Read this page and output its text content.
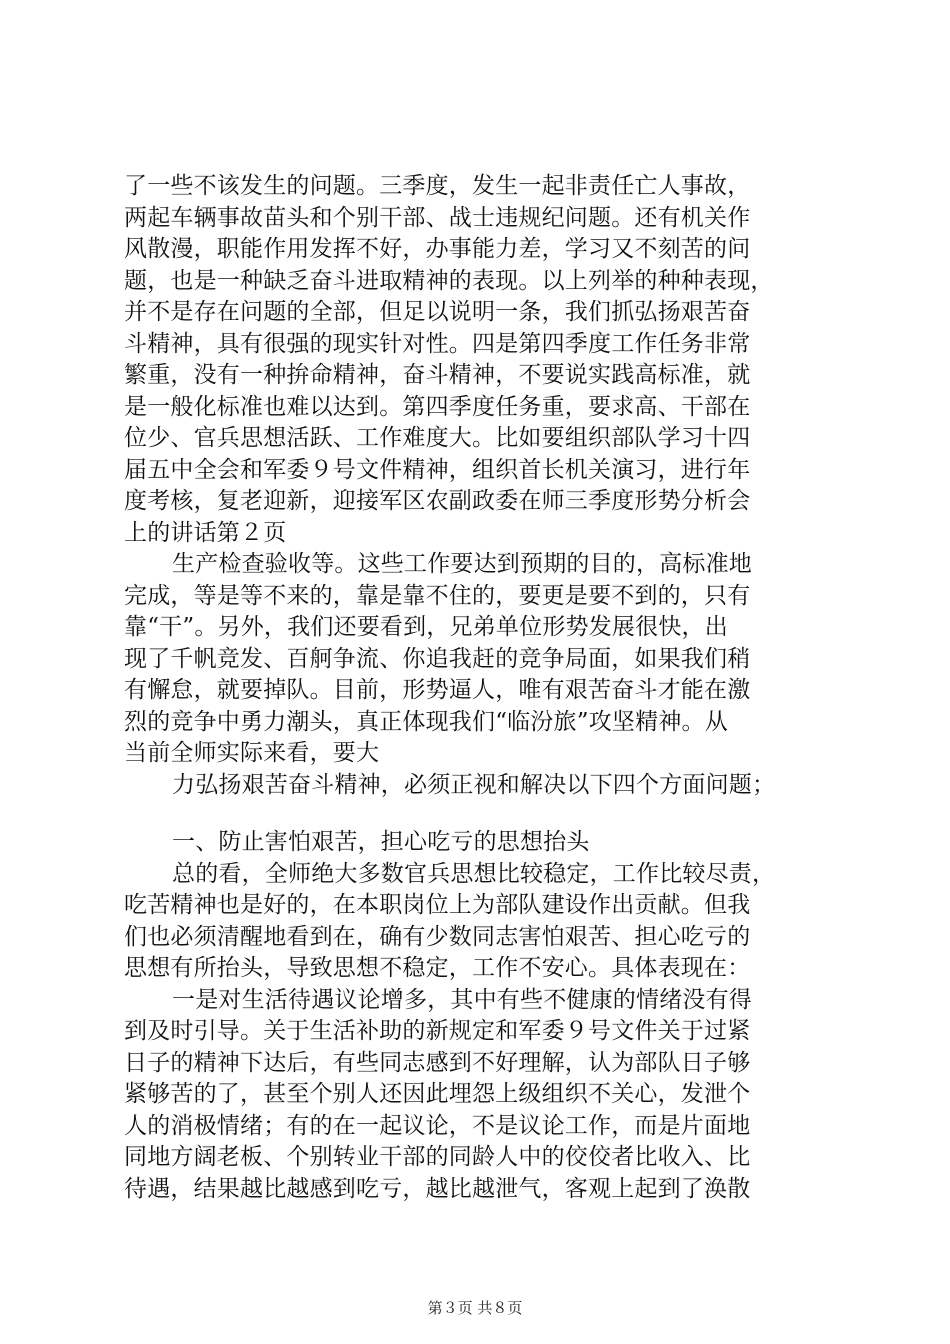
了一些不该发生的问题。三季度，发生一起非责任亡人事故，
两起车辆事故苗头和个别干部、战士违规纪问题。还有机关作
风散漫，职能作用发挥不好，办事能力差，学习又不刻苦的问
题，也是一种缺乏奋斗进取精神的表现。以上列举的种种表现，
并不是存在问题的全部，但足以说明一条，我们抓弘扬艰苦奋
斗精神，具有很强的现实针对性。四是第四季度工作任务非常
繁重，没有一种拚命精神，奋斗精神，不要说实践高标准，就
是一般化标准也难以达到。第四季度任务重，要求高、干部在
位少、官兵思想活跃、工作难度大。比如要组织部队学习十四
届五中全会和军委９号文件精神，组织首长机关演习，进行年
度考核，复老迎新，迎接军区农副政委在师三季度形势分析会
上的讲话第２页
生产检查验收等。这些工作要达到预期的目的，高标准地
完成，等是等不来的，靠是靠不住的，要更是要不到的，只有
靠“干”。另外，我们还要看到，兄弟单位形势发展很快，出
现了千帆竞发、百舸争流、你追我赶的竞争局面，如果我们稍
有懈怠，就要掉队。目前，形势逼人，唯有艰苦奋斗才能在激
烈的竞争中勇力潮头，真正体现我们“临汾旅”攻坚精神。从
当前全师实际来看，要大
力弘扬艰苦奋斗精神，必须正视和解决以下四个方面问题；
一、防止害怕艰苦，担心吃亏的思想抬头
总的看，全师绝大多数官兵思想比较稳定，工作比较尽责，
吃苦精神也是好的，在本职岗位上为部队建设作出贡献。但我
们也必须清醒地看到在，确有少数同志害怕艰苦、担心吃亏的
思想有所抬头，导致思想不稳定，工作不安心。具体表现在：
一是对生活待遇议论增多，其中有些不健康的情绪没有得
到及时引导。关于生活补助的新规定和军委９号文件关于过紧
日子的精神下达后，有些同志感到不好理解，认为部队日子够
紧够苦的了，甚至个别人还因此埋怨上级组织不关心，发泄个
人的消极情绪；有的在一起议论，不是议论工作，而是片面地
同地方阔老板、个别转业干部的同龄人中的佼佼者比收入、比
待遇，结果越比越感到吃亏，越比越泄气，客观上起到了涣散
第３页 共８页
